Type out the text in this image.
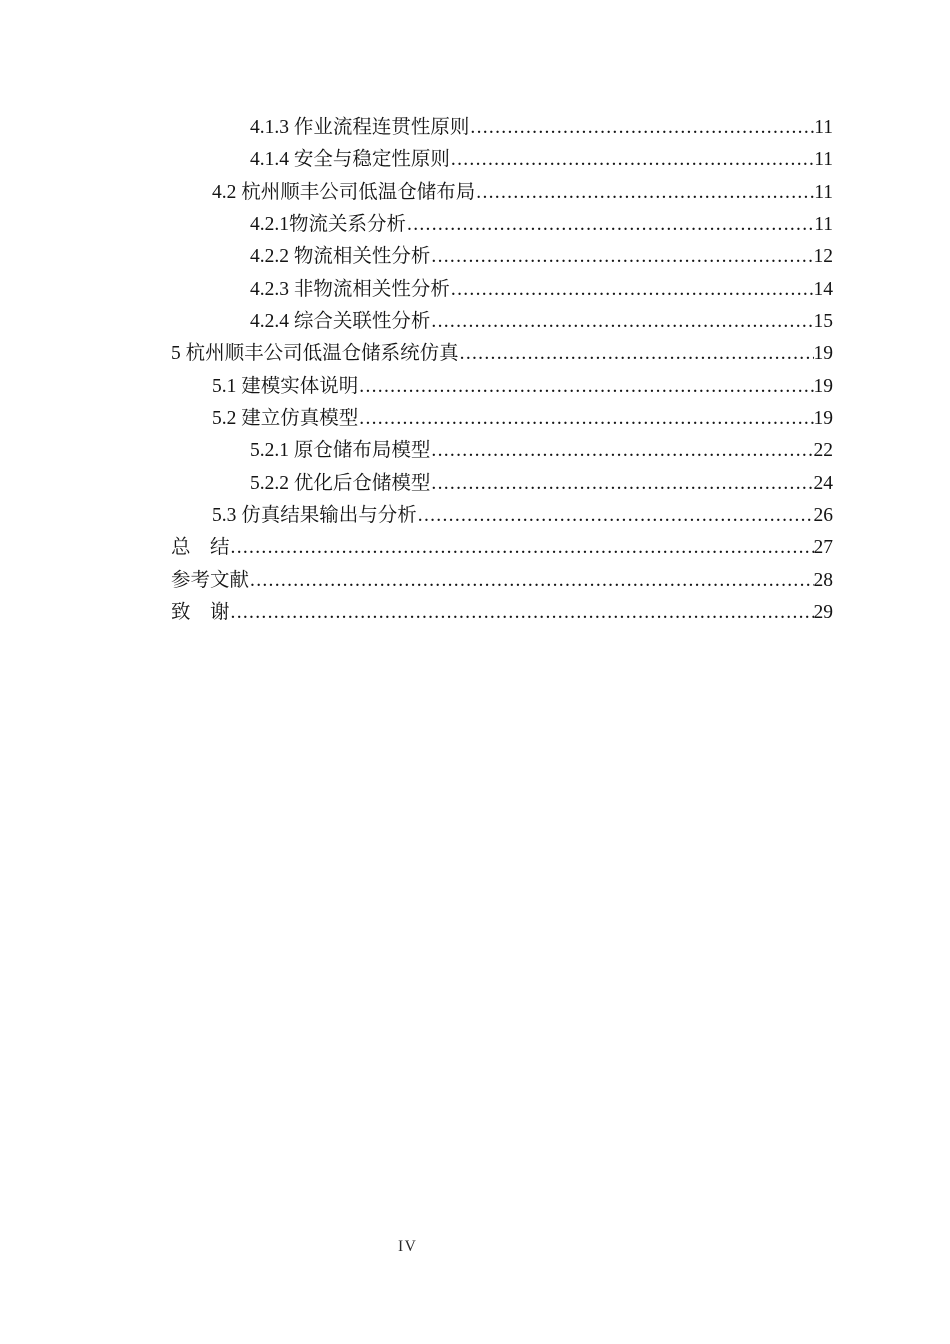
4.1.3 作业流程连贯性原则 .....	11
4.1.4 安全与稳定性原则 .....	11
4.2 杭州顺丰公司低温仓储布局 .....	11
4.2.1物流关系分析 .....	11
4.2.2 物流相关性分析 .....	12
4.2.3 非物流相关性分析 .....	14
4.2.4 综合关联性分析 .....	15
5 杭州顺丰公司低温仓储系统仿真 .....	19
5.1 建模实体说明 .....	19
5.2 建立仿真模型 .....	19
5.2.1 原仓储布局模型 .....	22
5.2.2 优化后仓储模型 .....	24
5.3 仿真结果输出与分析 .....	26
总　结 .....	27
参考文献 .....	28
致　谢 .....	29
IV
